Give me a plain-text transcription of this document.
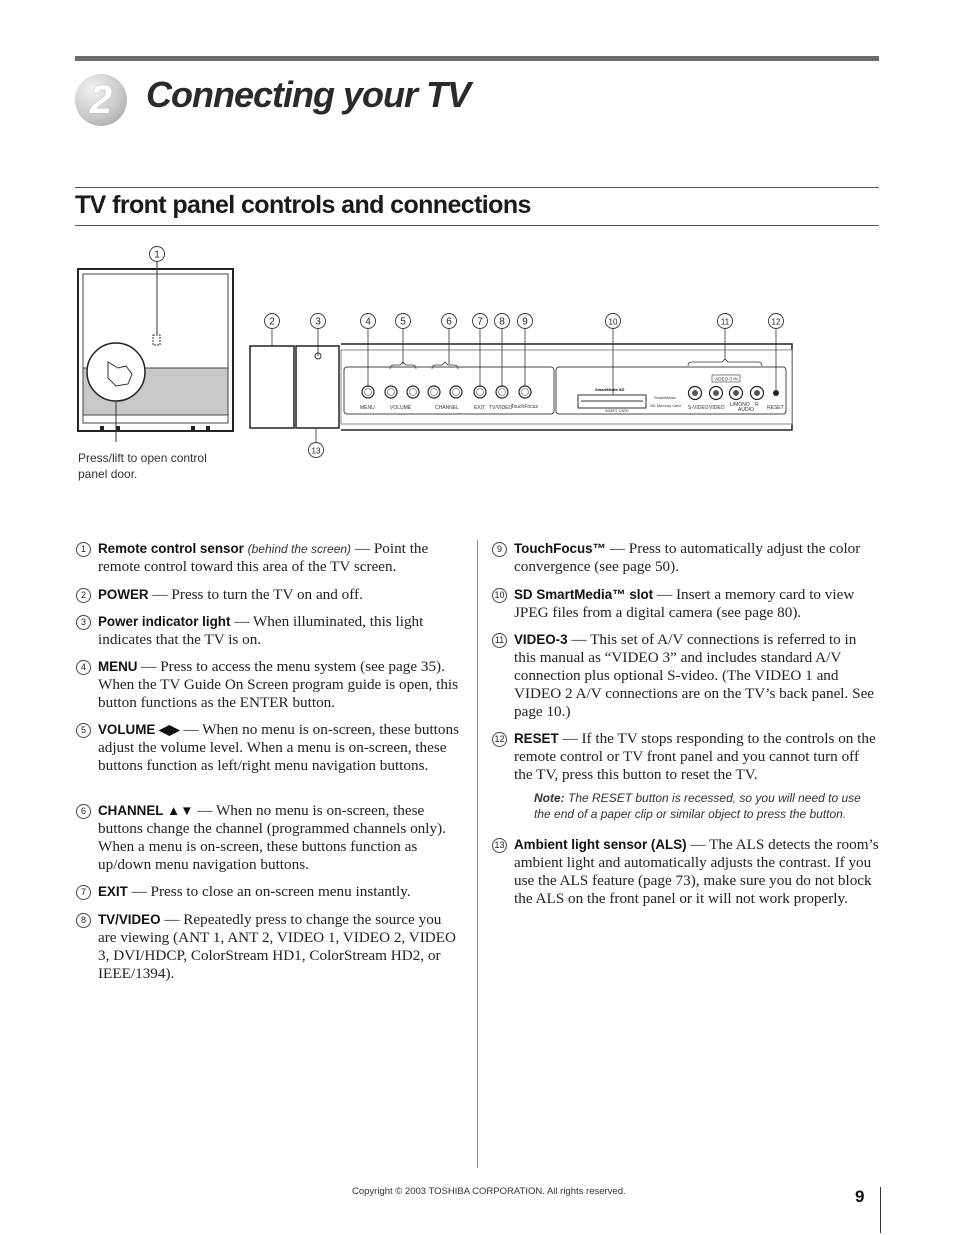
2 Connecting your TV
TV front panel controls and connections
MENU	VOLUME	CHANNEL	EXIT TV/VIDEO
TouchFocus	S-VIDEO VIDEO L/MONO R
AUDIO	RESET
VIDEO-3 IN
SmartMedia
SD Memory Card
INSERT CARD
SmartMedia SD
1
2	3	4	5	6	7 8 9	10	11	12
13
Press/lift to open control panel door.
1 Remote control sensor (behind the screen) — Point the remote control toward this area of the TV screen.
2 POWER — Press to turn the TV on and off.
3 Power indicator light — When illuminated, this light indicates that the TV is on.
4 MENU — Press to access the menu system (see page 35). When the TV Guide On Screen program guide is open, this button functions as the ENTER button.
5 VOLUME ◀▶ — When no menu is on-screen, these buttons adjust the volume level. When a menu is on-screen, these buttons function as left/right menu navigation buttons.
6 CHANNEL ▲▼ — When no menu is on-screen, these buttons change the channel (programmed channels only). When a menu is on-screen, these buttons function as up/down menu navigation buttons.
7 EXIT — Press to close an on-screen menu instantly.
8 TV/VIDEO — Repeatedly press to change the source you are viewing (ANT 1, ANT 2, VIDEO 1, VIDEO 2, VIDEO 3, DVI/HDCP, ColorStream HD1, ColorStream HD2, or IEEE/1394).
9 TouchFocus™ — Press to automatically adjust the color convergence (see page 50).
10 SD SmartMedia™ slot — Insert a memory card to view JPEG files from a digital camera (see page 80).
11 VIDEO-3 — This set of A/V connections is referred to in this manual as “VIDEO 3” and includes standard A/V connection plus optional S-video. (The VIDEO 1 and VIDEO 2 A/V connections are on the TV’s back panel. See page 10.)
12 RESET — If the TV stops responding to the controls on the remote control or TV front panel and you cannot turn off the TV, press this button to reset the TV.
Note: The RESET button is recessed, so you will need to use the end of a paper clip or similar object to press the button.
13 Ambient light sensor (ALS) — The ALS detects the room’s ambient light and automatically adjusts the contrast. If you use the ALS feature (page 73), make sure you do not block the ALS on the front panel or it will not work properly.
Copyright © 2003 TOSHIBA CORPORATION. All rights reserved.	9
